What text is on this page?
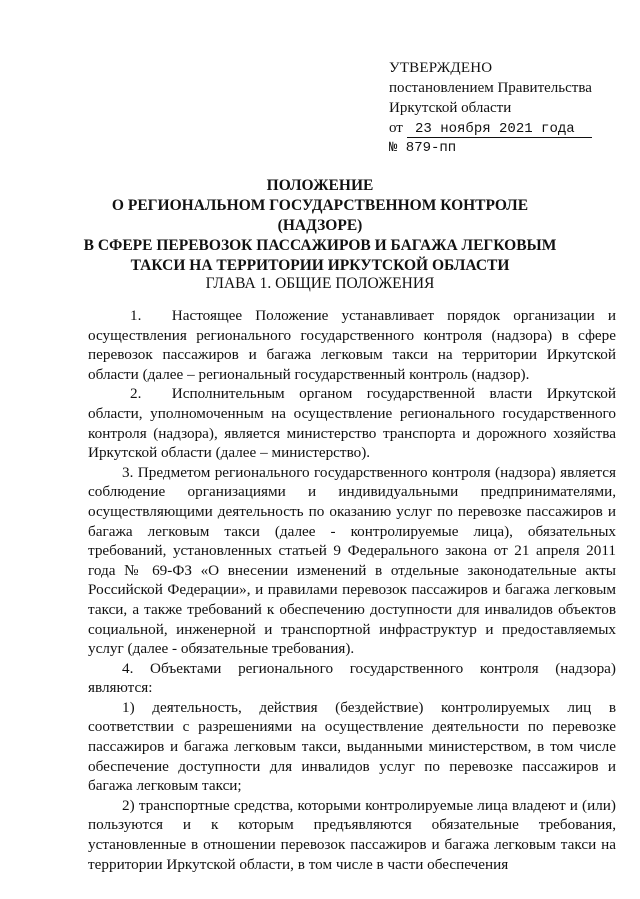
УТВЕРЖДЕНО
постановлением Правительства
Иркутской области
от 23 ноября 2021 года
№ 879-пп
ПОЛОЖЕНИЕ
О РЕГИОНАЛЬНОМ ГОСУДАРСТВЕННОМ КОНТРОЛЕ (НАДЗОРЕ)
В СФЕРЕ ПЕРЕВОЗОК ПАССАЖИРОВ И БАГАЖА ЛЕГКОВЫМ
ТАКСИ НА ТЕРРИТОРИИ ИРКУТСКОЙ ОБЛАСТИ
ГЛАВА 1. ОБЩИЕ ПОЛОЖЕНИЯ

1.  Настоящее Положение устанавливает порядок организации и осуществления регионального государственного контроля (надзора) в сфере перевозок пассажиров и багажа легковым такси на территории Иркутской области (далее – региональный государственный контроль (надзор).

2.  Исполнительным органом государственной власти Иркутской области, уполномоченным на осуществление регионального государственного контроля (надзора), является министерство транспорта и дорожного хозяйства Иркутской области (далее – министерство).

3. Предметом регионального государственного контроля (надзора) является соблюдение организациями и индивидуальными предпринимателями, осуществляющими деятельность по оказанию услуг по перевозке пассажиров и багажа легковым такси (далее - контролируемые лица), обязательных требований, установленных статьей 9 Федерального закона от 21 апреля 2011 года № 69-ФЗ «О внесении изменений в отдельные законодательные акты Российской Федерации», и правилами перевозок пассажиров и багажа легковым такси, а также требований к обеспечению доступности для инвалидов объектов социальной, инженерной и транспортной инфраструктур и предоставляемых услуг (далее - обязательные требования).

4. Объектами регионального государственного контроля (надзора) являются:

1) деятельность, действия (бездействие) контролируемых лиц в соответствии с разрешениями на осуществление деятельности по перевозке пассажиров и багажа легковым такси, выданными министерством, в том числе обеспечение доступности для инвалидов услуг по перевозке пассажиров и багажа легковым такси;

2) транспортные средства, которыми контролируемые лица владеют и (или) пользуются и к которым предъявляются обязательные требования, установленные в отношении перевозок пассажиров и багажа легковым такси на территории Иркутской области, в том числе в части обеспечения
